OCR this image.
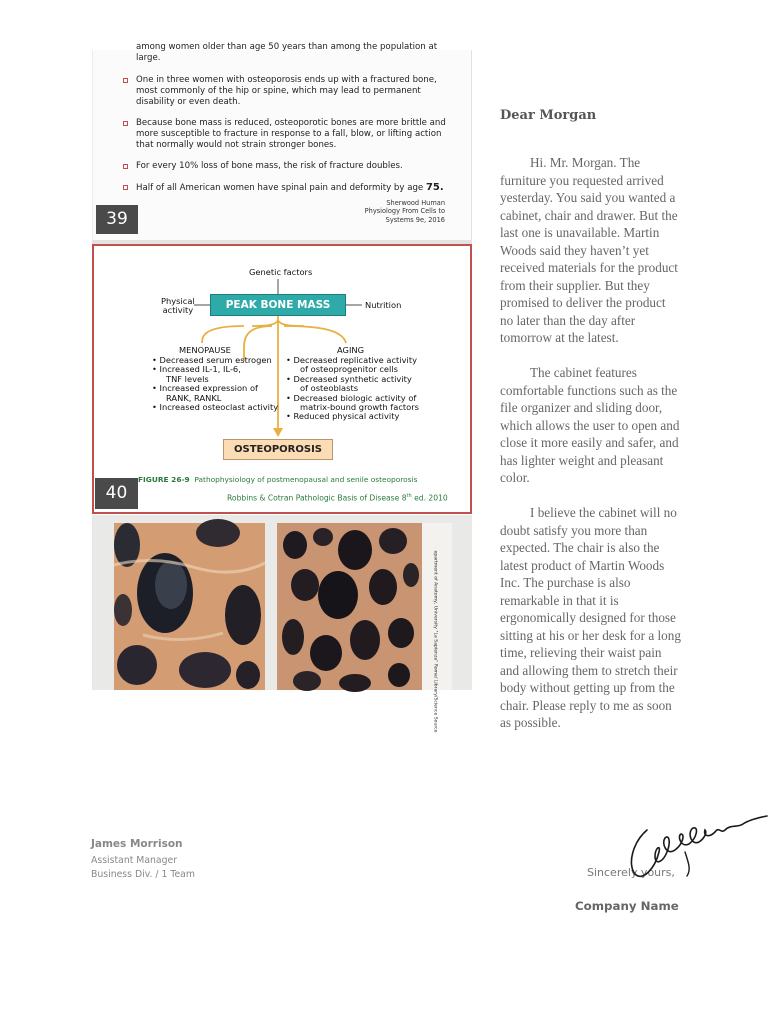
among women older than age 50 years than among the population at large.
One in three women with osteoporosis ends up with a fractured bone, most commonly of the hip or spine, which may lead to permanent disability or even death.
Because bone mass is reduced, osteoporotic bones are more brittle and more susceptible to fracture in response to a fall, blow, or lifting action that normally would not strain stronger bones.
For every 10% loss of bone mass, the risk of fracture doubles.
Half of all American women have spinal pain and deformity by age 75.
Sherwood Human
Physiology From Cells to
Systems 9e, 2016
39
Genetic factors
Physical
activity
Nutrition
PEAK BONE MASS
MENOPAUSE
• Decreased serum estrogen
• Increased IL-1, IL-6,
TNF levels
• Increased expression of
RANK, RANKL
• Increased osteoclast activity
AGING
• Decreased replicative activity
of osteoprogenitor cells
• Decreased synthetic activity
of osteoblasts
• Decreased biologic activity of
matrix-bound growth factors
• Reduced physical activity
OSTEOPOROSIS
FIGURE 26-9 Pathophysiology of postmenopausal and senile osteoporosis
Robbins & Cotran Pathologic Basis of Disease 8th ed. 2010
40
epartment of Anatomy, University "La Sapienza" Rome/ Library/Science Source
Dear Morgan

Hi. Mr. Morgan. The furniture you requested arrived yesterday. You said you wanted a cabinet, chair and drawer. But the last one is unavailable. Martin Woods said they haven’t yet received materials for the product from their supplier. But they promised to deliver the product no later than the day after tomorrow at the latest.

The cabinet features comfortable functions such as the file organizer and sliding door, which allows the user to open and close it more easily and safer, and has lighter weight and pleasant color.

I believe the cabinet will no doubt satisfy you more than expected. The chair is also the latest product of Martin Woods Inc. The purchase is also remarkable in that it is ergonomically designed for those sitting at his or her desk for a long time, relieving their waist pain and allowing them to stretch their body without getting up from the chair. Please reply to me as soon as possible.

James Morrison
Assistant Manager
Business Div. / 1 Team	Sincerely yours,
Company Name
